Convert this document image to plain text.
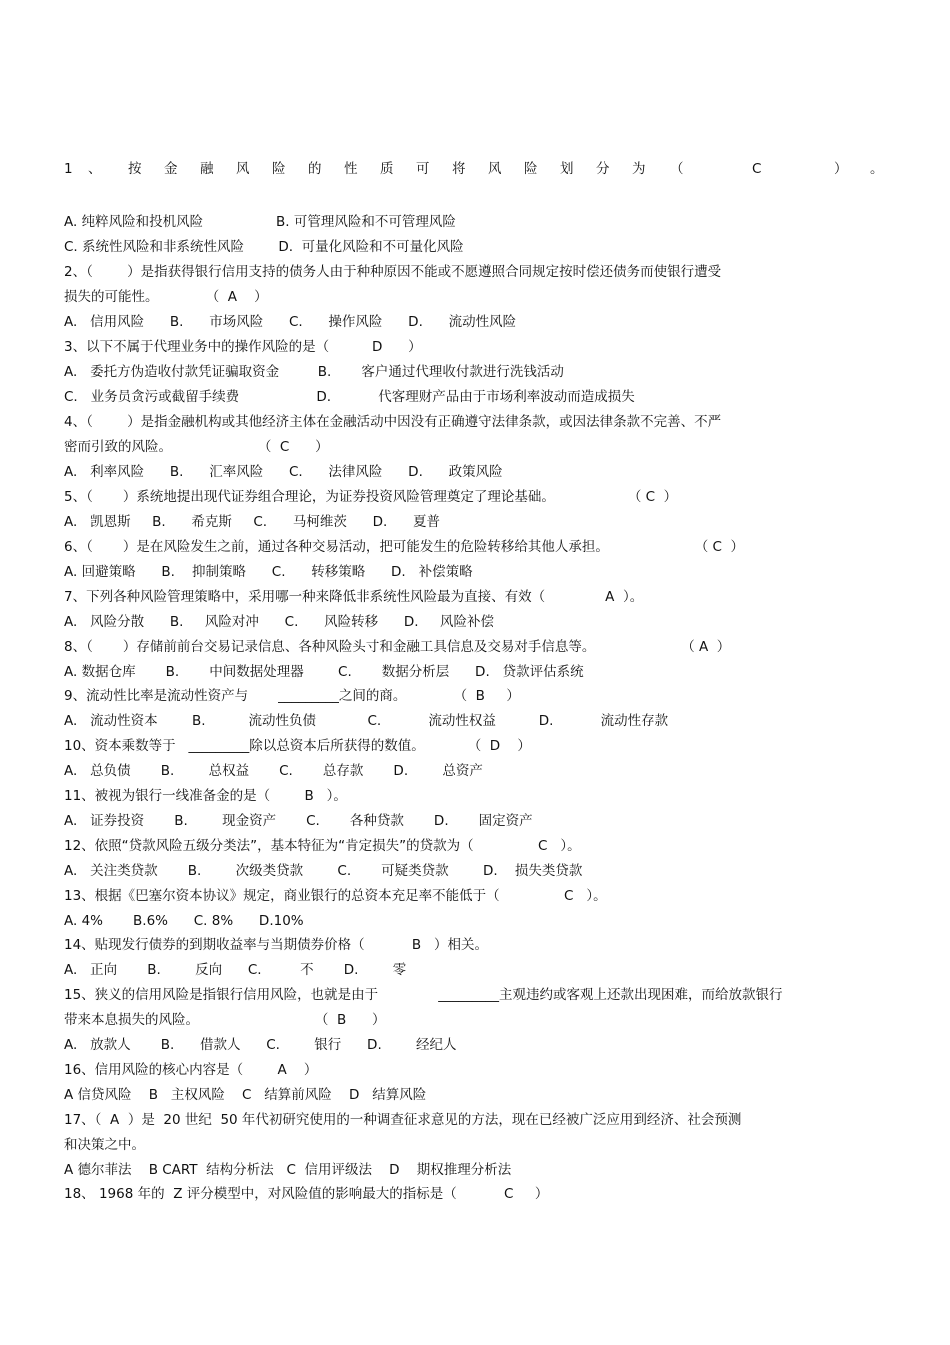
1 、 按 金 融 风 险 的 性 质 可 将 风 险 划 分 为 （	C	） 。
A. 纯粹风险和投机风险                 B. 可管理风险和不可管理风险
C. 系统性风险和非系统性风险        D.  可量化风险和不可量化风险
2、（        ）是指获得银行信用支持的债务人由于种种原因不能或不愿遵照合同规定按时偿还债务而使银行遭受
损失的可能性。           （  A    ）
A.   信用风险      B.      市场风险      C.      操作风险      D.      流动性风险
3、以下不属于代理业务中的操作风险的是（          D      ）
A.   委托方伪造收付款凭证骗取资金         B.       客户通过代理收付款进行洗钱活动
C.   业务员贪污或截留手续费                  D.           代客理财产品由于市场利率波动而造成损失
4、（        ）是指金融机构或其他经济主体在金融活动中因没有正确遵守法律条款，或因法律条款不完善、不严
密而引致的风险。                    （  C      ）
A.   利率风险      B.      汇率风险      C.      法律风险      D.      政策风险
5、（       ）系统地提出现代证券组合理论，为证券投资风险管理奠定了理论基础。                 （ C  ）
A.   凯恩斯     B.      希克斯     C.      马柯维茨      D.      夏普
6、（       ）是在风险发生之前，通过各种交易活动，把可能发生的危险转移给其他人承担。                    （ C  ）
A. 回避策略      B.    抑制策略      C.      转移策略      D.   补偿策略
7、下列各种风险管理策略中，采用哪一种来降低非系统性风险最为直接、有效（              A  ）。
A.   风险分散      B.     风险对冲      C.      风险转移      D.     风险补偿
8、（       ）存储前前台交易记录信息、各种风险头寸和金融工具信息及交易对手信息等。                    （ A  ）
A. 数据仓库       B.       中间数据处理器        C.       数据分析层      D.   贷款评估系统
9、流动性比率是流动性资产与       _________之间的商。           （  B     ）
A.   流动性资本        B.          流动性负债            C.           流动性权益          D.           流动性存款
10、资本乘数等于   _________除以总资本后所获得的数值。          （  D    ）
A.   总负债       B.        总权益       C.       总存款       D.        总资产
11、被视为银行一线准备金的是（        B   ）。
A.   证券投资       B.        现金资产       C.       各种贷款       D.       固定资产
12、依照“贷款风险五级分类法”，基本特征为“肯定损失”的贷款为（               C   ）。
A.   关注类贷款       B.        次级类贷款        C.       可疑类贷款        D.    损失类贷款
13、根据《巴塞尔资本协议》规定，商业银行的总资本充足率不能低于（               C   ）。
A. 4%       B.6%      C. 8%      D.10%
14、贴现发行债券的到期收益率与当期债券价格（           B   ）相关。
A.   正向       B.        反向      C.         不       D.        零
15、狭义的信用风险是指银行信用风险，也就是由于              _________主观违约或客观上还款出现困难，而给放款银行
带来本息损失的风险。                           （  B      ）
A.   放款人       B.      借款人      C.        银行      D.        经纪人
16、信用风险的核心内容是（        A    ）
A 信贷风险    B   主权风险    C   结算前风险    D   结算风险
17、（  A  ）是  20 世纪  50 年代初研究使用的一种调查征求意见的方法，现在已经被广泛应用到经济、社会预测
和决策之中。
A 德尔菲法    B CART  结构分析法   C  信用评级法    D    期权推理分析法
18、 1968 年的  Z 评分模型中，对风险值的影响最大的指标是（           C     ）
